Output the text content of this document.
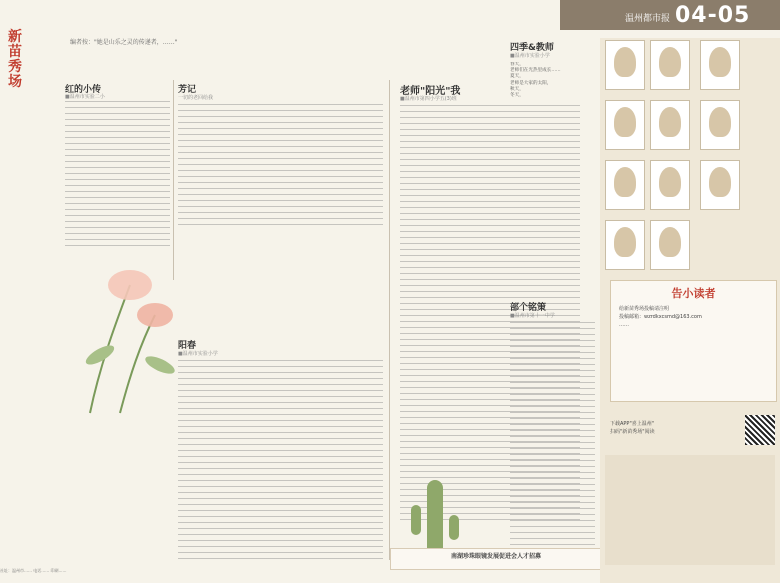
04-05
温州都市报
新苗秀场
编者按："她是山乐之灵的传递者，……"
红的小传
■温州市实验二小
芳记
一切的老回给我
阳春
■温州市实验小学
老师"阳光"我
■温州市第四小学五(3)班
南湖珍珠眼镜发展促进会人才招募
四季&教师
■温州市实验小学
春天，
老师们在光热里成长……
夏天，
老师是大家的太阳，
秋天，
冬天，
部个铭策
■温州市第十一中学
告小读者
给新苗秀场投稿请注明
投稿邮箱：wzrdkxcsmd@163.com
……
下载APP"喜上温州"
扫码"新苗秀场"阅读
社址：温州市…… 电话…… 印刷……
